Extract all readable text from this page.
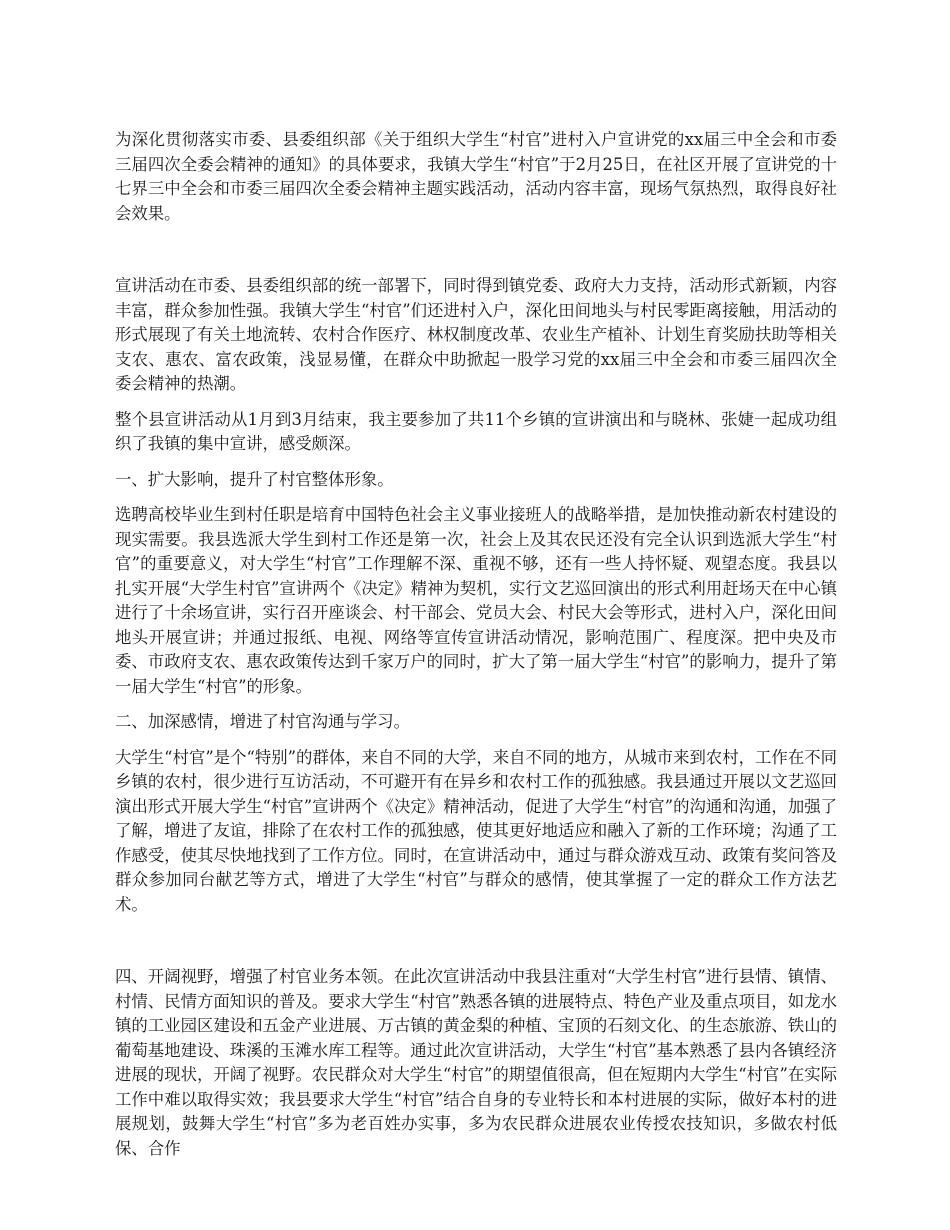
为深化贯彻落实市委、县委组织部《关于组织大学生“村官”进村入户宣讲党的xx届三中全会和市委三届四次全委会精神的通知》的具体要求，我镇大学生“村官”于2月25日，在社区开展了宣讲党的十七界三中全会和市委三届四次全委会精神主题实践活动，活动内容丰富，现场气氛热烈，取得良好社会效果。

宣讲活动在市委、县委组织部的统一部署下，同时得到镇党委、政府大力支持，活动形式新颖，内容丰富，群众参加性强。我镇大学生“村官”们还进村入户，深化田间地头与村民零距离接触，用活动的形式展现了有关土地流转、农村合作医疗、林权制度改革、农业生产植补、计划生育奖励扶助等相关支农、惠农、富农政策，浅显易懂，在群众中助掀起一股学习党的xx届三中全会和市委三届四次全委会精神的热潮。

整个县宣讲活动从1月到3月结束，我主要参加了共11个乡镇的宣讲演出和与晓林、张婕一起成功组织了我镇的集中宣讲，感受颇深。

一、扩大影响，提升了村官整体形象。

选聘高校毕业生到村任职是培育中国特色社会主义事业接班人的战略举措，是加快推动新农村建设的现实需要。我县选派大学生到村工作还是第一次，社会上及其农民还没有完全认识到选派大学生“村官”的重要意义，对大学生“村官”工作理解不深、重视不够，还有一些人持怀疑、观望态度。我县以扎实开展“大学生村官”宣讲两个《决定》精神为契机，实行文艺巡回演出的形式利用赶场天在中心镇进行了十余场宣讲，实行召开座谈会、村干部会、党员大会、村民大会等形式，进村入户，深化田间地头开展宣讲；并通过报纸、电视、网络等宣传宣讲活动情况，影响范围广、程度深。把中央及市委、市政府支农、惠农政策传达到千家万户的同时，扩大了第一届大学生“村官”的影响力，提升了第一届大学生“村官”的形象。

二、加深感情，增进了村官沟通与学习。

大学生“村官”是个“特别”的群体，来自不同的大学，来自不同的地方，从城市来到农村，工作在不同乡镇的农村，很少进行互访活动，不可避开有在异乡和农村工作的孤独感。我县通过开展以文艺巡回演出形式开展大学生“村官”宣讲两个《决定》精神活动，促进了大学生“村官”的沟通和沟通，加强了了解，增进了友谊，排除了在农村工作的孤独感，使其更好地适应和融入了新的工作环境；沟通了工作感受，使其尽快地找到了工作方位。同时，在宣讲活动中，通过与群众游戏互动、政策有奖问答及群众参加同台献艺等方式，增进了大学生“村官”与群众的感情，使其掌握了一定的群众工作方法艺术。

四、开阔视野，增强了村官业务本领。在此次宣讲活动中我县注重对“大学生村官”进行县情、镇情、村情、民情方面知识的普及。要求大学生“村官”熟悉各镇的进展特点、特色产业及重点项目，如龙水镇的工业园区建设和五金产业进展、万古镇的黄金梨的种植、宝顶的石刻文化、的生态旅游、铁山的葡萄基地建设、珠溪的玉滩水库工程等。通过此次宣讲活动，大学生“村官”基本熟悉了县内各镇经济进展的现状，开阔了视野。农民群众对大学生“村官”的期望值很高，但在短期内大学生“村官”在实际工作中难以取得实效；我县要求大学生“村官”结合自身的专业特长和本村进展的实际，做好本村的进展规划，鼓舞大学生“村官”多为老百姓办实事，多为农民群众进展农业传授农技知识，多做农村低保、合作
